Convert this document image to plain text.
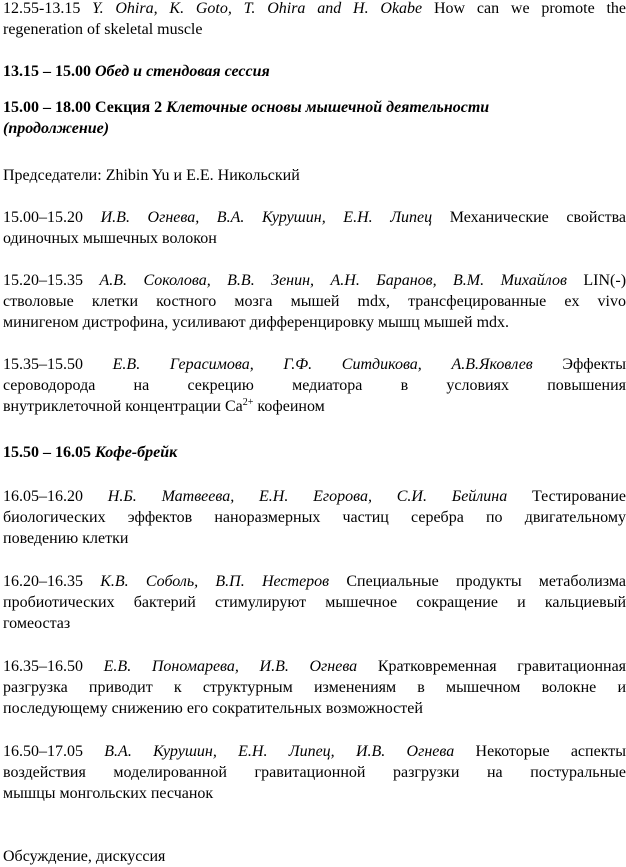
12.55-13.15 Y. Ohira, K. Goto, T. Ohira and H. Okabe How can we promote the
regeneration of skeletal muscle
13.15 – 15.00 Обед и стендовая сессия
15.00 – 18.00 Секция 2 Клеточные основы мышечной деятельности
(продолжение)
Председатели: Zhibin Yu и Е.Е. Никольский
15.00–15.20 И.В. Огнева, В.А. Курушин, Е.Н. Липец Механические свойства
одиночных мышечных волокон
15.20–15.35 А.В. Соколова, В.В. Зенин, А.Н. Баранов, В.М. Михайлов LIN(-)
стволовые клетки костного мозга мышей mdx, трансфецированные ex vivo
минигеном дистрофина, усиливают дифференцировку мышц мышей mdx.
15.35–15.50 Е.В. Герасимова, Г.Ф. Ситдикова, А.В.Яковлев Эффекты
сероводорода на секрецию медиатора в условиях повышения
внутриклеточной концентрации $Са^{2+}$ кофеином
15.50 – 16.05 Кофе-брейк
16.05–16.20 Н.Б. Матвеева, Е.Н. Егорова, С.И. Бейлина Тестирование
биологических эффектов наноразмерных частиц серебра по двигательному
поведению клетки
16.20–16.35 К.В. Соболь, В.П. Нестеров Специальные продукты метаболизма
пробиотических бактерий стимулируют мышечное сокращение и кальциевый
гомеостаз
16.35–16.50 Е.В. Пономарева, И.В. Огнева Кратковременная гравитационная
разгрузка приводит к структурным изменениям в мышечном волокне и
последующему снижению его сократительных возможностей
16.50–17.05 В.А. Курушин, Е.Н. Липец, И.В. Огнева Некоторые аспекты
воздействия моделированной гравитационной разгрузки на постуральные
мышцы монгольских песчанок
Обсуждение, дискуссия
